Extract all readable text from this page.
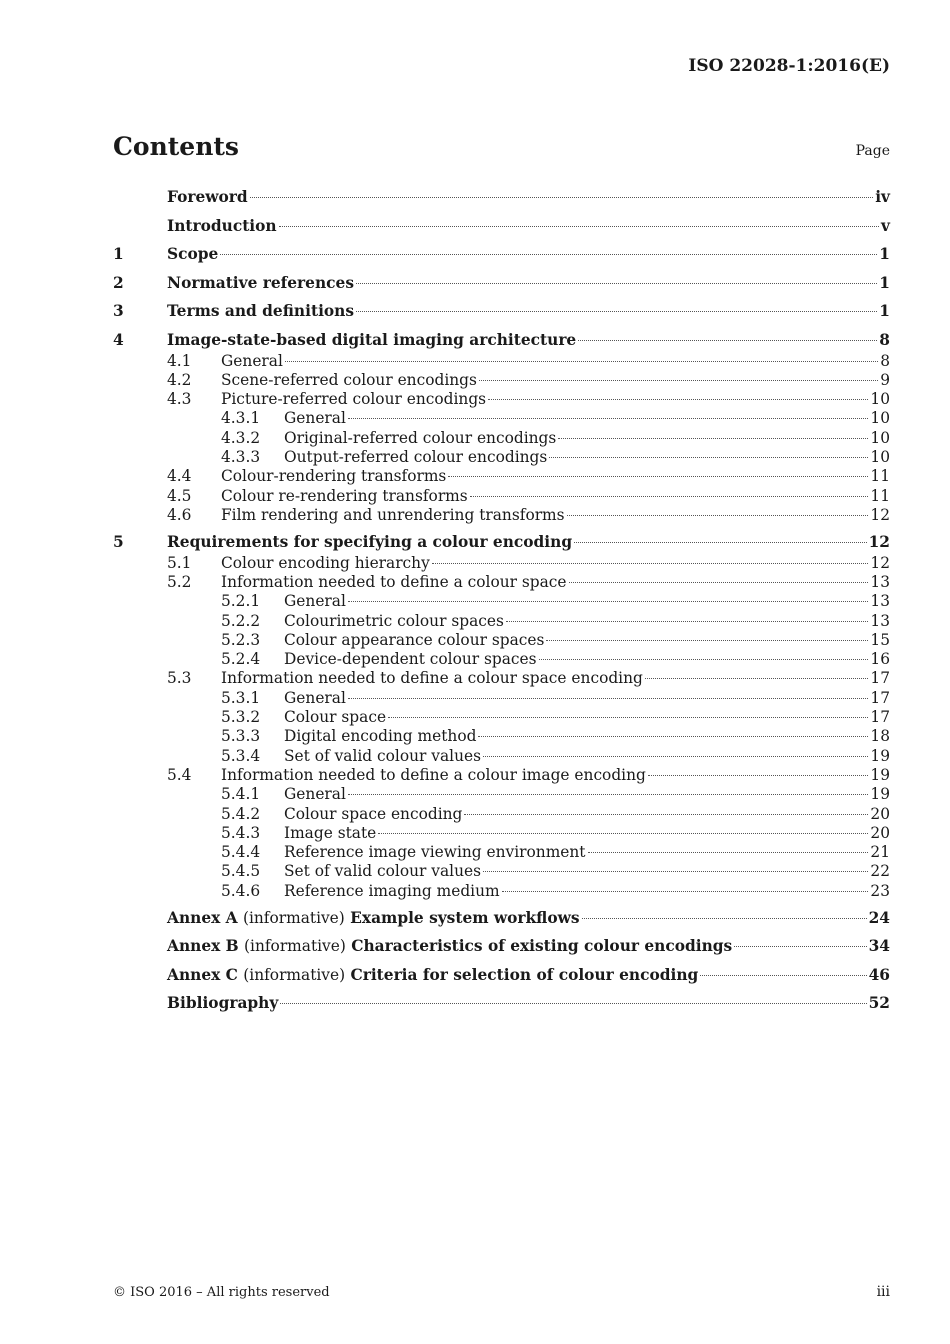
ISO 22028-1:2016(E)
Contents	Page
Foreword	iv
Introduction	v
1	Scope	1
2	Normative references	1
3	Terms and definitions	1
4	Image-state-based digital imaging architecture	8
4.1	General	8
4.2	Scene-referred colour encodings	9
4.3	Picture-referred colour encodings	10
4.3.1	General	10
4.3.2	Original-referred colour encodings	10
4.3.3	Output-referred colour encodings	10
4.4	Colour-rendering transforms	11
4.5	Colour re-rendering transforms	11
4.6	Film rendering and unrendering transforms	12
5	Requirements for specifying a colour encoding	12
5.1	Colour encoding hierarchy	12
5.2	Information needed to define a colour space	13
5.2.1	General	13
5.2.2	Colourimetric colour spaces	13
5.2.3	Colour appearance colour spaces	15
5.2.4	Device-dependent colour spaces	16
5.3	Information needed to define a colour space encoding	17
5.3.1	General	17
5.3.2	Colour space	17
5.3.3	Digital encoding method	18
5.3.4	Set of valid colour values	19
5.4	Information needed to define a colour image encoding	19
5.4.1	General	19
5.4.2	Colour space encoding	20
5.4.3	Image state	20
5.4.4	Reference image viewing environment	21
5.4.5	Set of valid colour values	22
5.4.6	Reference imaging medium	23
Annex A (informative) Example system workflows	24
Annex B (informative) Characteristics of existing colour encodings	34
Annex C (informative) Criteria for selection of colour encoding	46
Bibliography	52
© ISO 2016 – All rights reserved	iii
